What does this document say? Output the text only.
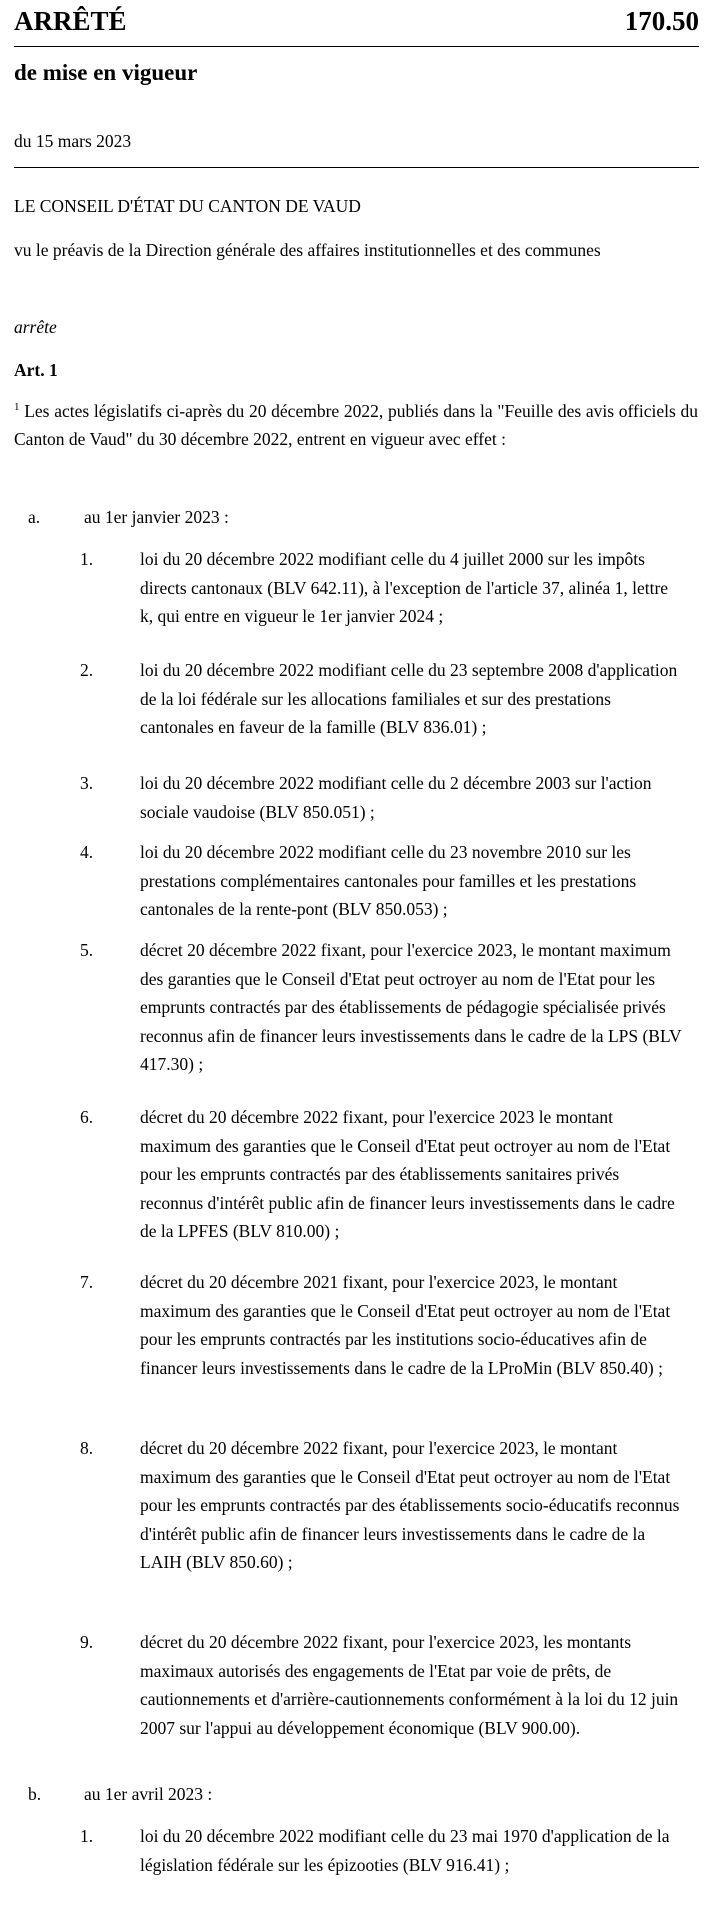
ARRÊTÉ	170.50
de mise en vigueur
du 15 mars 2023
LE CONSEIL D'ÉTAT DU CANTON DE VAUD
vu le préavis de la Direction générale des affaires institutionnelles et des communes
arrête
Art. 1
$^1$ Les actes législatifs ci-après du 20 décembre 2022, publiés dans la "Feuille des avis officiels du Canton de Vaud" du 30 décembre 2022, entrent en vigueur avec effet :
a.	au 1er janvier 2023 :
1.	loi du 20 décembre 2022 modifiant celle du 4 juillet 2000 sur les impôts directs cantonaux (BLV 642.11), à l'exception de l'article 37, alinéa 1, lettre k, qui entre en vigueur le 1er janvier 2024 ;
2.	loi du 20 décembre 2022 modifiant celle du 23 septembre 2008 d'application de la loi fédérale sur les allocations familiales et sur des prestations cantonales en faveur de la famille (BLV 836.01) ;
3.	loi du 20 décembre 2022 modifiant celle du 2 décembre 2003 sur l'action sociale vaudoise (BLV 850.051) ;
4.	loi du 20 décembre 2022 modifiant celle du 23 novembre 2010 sur les prestations complémentaires cantonales pour familles et les prestations cantonales de la rente-pont (BLV 850.053) ;
5.	décret 20 décembre 2022 fixant, pour l'exercice 2023, le montant maximum des garanties que le Conseil d'Etat peut octroyer au nom de l'Etat pour les emprunts contractés par des établissements de pédagogie spécialisée privés reconnus afin de financer leurs investissements dans le cadre de la LPS (BLV 417.30) ;
6.	décret du 20 décembre 2022 fixant, pour l'exercice 2023 le montant maximum des garanties que le Conseil d'Etat peut octroyer au nom de l'Etat pour les emprunts contractés par des établissements sanitaires privés reconnus d'intérêt public afin de financer leurs investissements dans le cadre de la LPFES (BLV 810.00) ;
7.	décret du 20 décembre 2021 fixant, pour l'exercice 2023, le montant maximum des garanties que le Conseil d'Etat peut octroyer au nom de l'Etat pour les emprunts contractés par les institutions socio-éducatives afin de financer leurs investissements dans le cadre de la LProMin (BLV 850.40) ;
8.	décret du 20 décembre 2022 fixant, pour l'exercice 2023, le montant maximum des garanties que le Conseil d'Etat peut octroyer au nom de l'Etat pour les emprunts contractés par des établissements socio-éducatifs reconnus d'intérêt public afin de financer leurs investissements dans le cadre de la LAIH (BLV 850.60) ;
9.	décret du 20 décembre 2022 fixant, pour l'exercice 2023, les montants maximaux autorisés des engagements de l'Etat par voie de prêts, de cautionnements et d'arrière-cautionnements conformément à la loi du 12 juin 2007 sur l'appui au développement économique (BLV 900.00).
b. au 1er avril 2023 :
1.	loi du 20 décembre 2022 modifiant celle du 23 mai 1970 d'application de la législation fédérale sur les épizooties (BLV 916.41) ;
